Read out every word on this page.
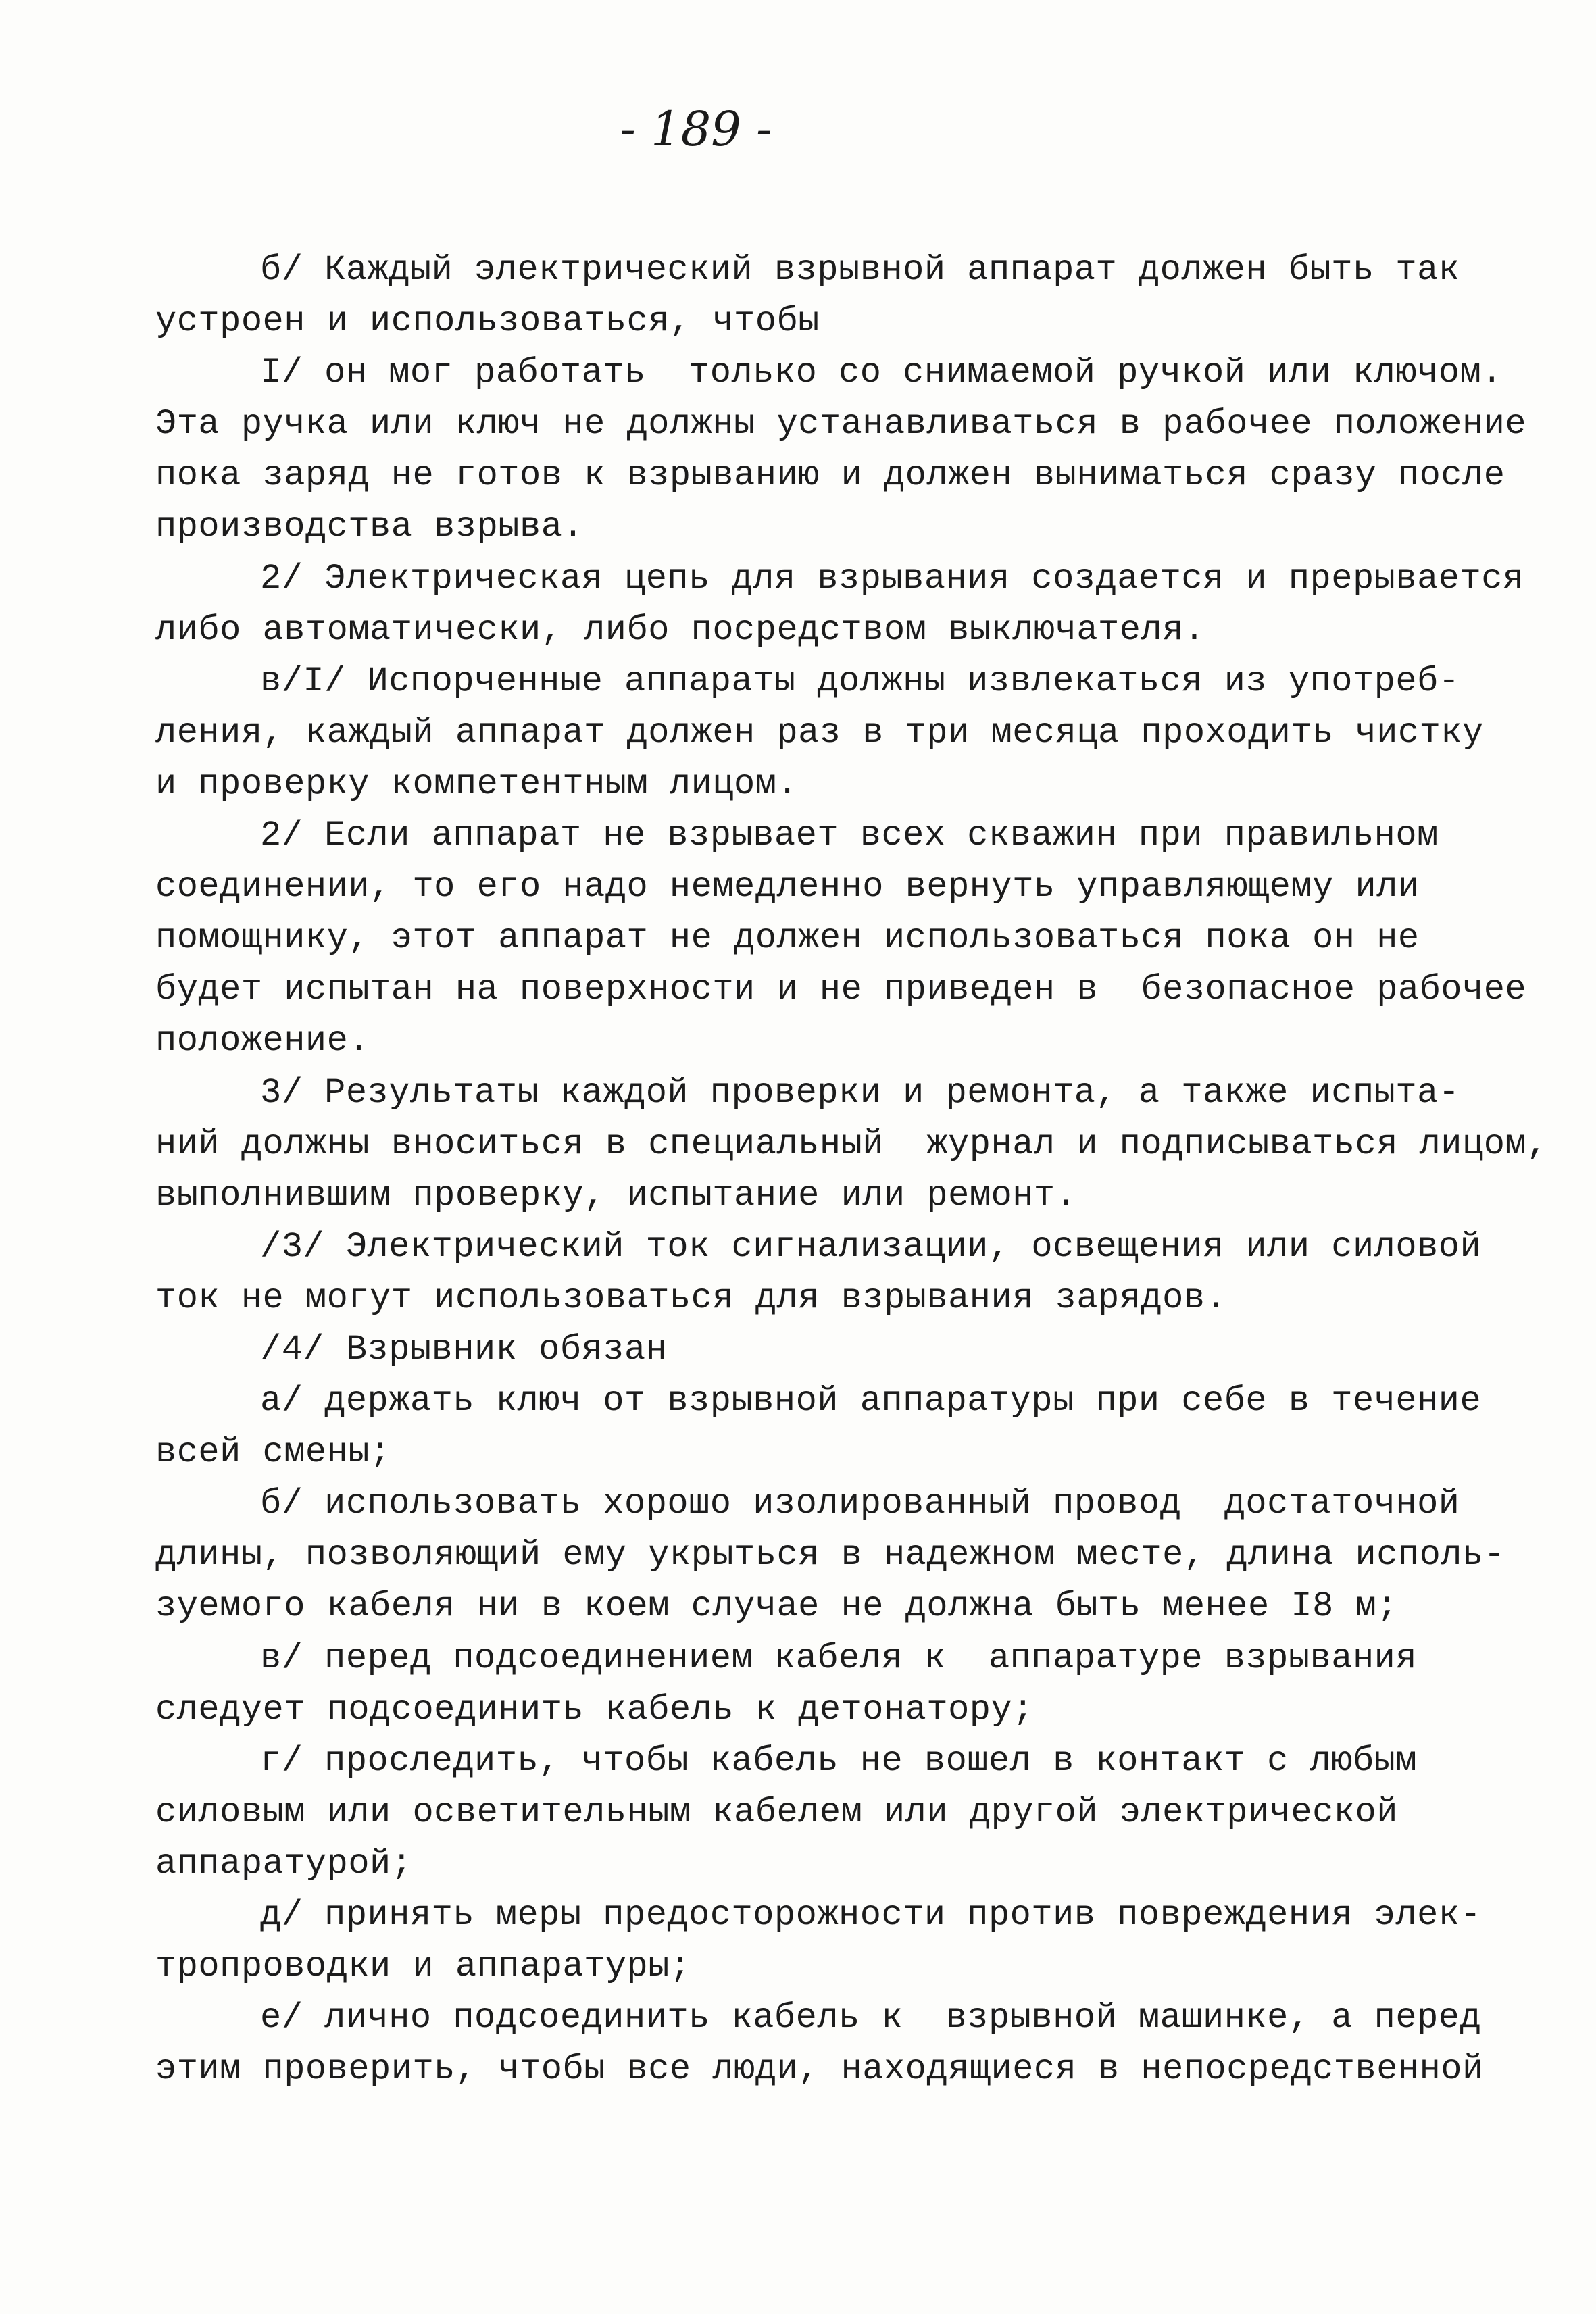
- 189 -
б/ Каждый электрический взрывной аппарат должен быть так
устроен и использоваться, чтобы
I/ он мог работать  только со снимаемой ручкой или ключом.
Эта ручка или ключ не должны устанавливаться в рабочее положение
пока заряд не готов к взрыванию и должен выниматься сразу после
производства взрыва.
2/ Электрическая цепь для взрывания создается и прерывается
либо автоматически, либо посредством выключателя.
в/I/ Испорченные аппараты должны извлекаться из употреб-
ления, каждый аппарат должен раз в три месяца проходить чистку
и проверку компетентным лицом.
2/ Если аппарат не взрывает всех скважин при правильном
соединении, то его надо немедленно вернуть управляющему или
помощнику, этот аппарат не должен использоваться пока он не
будет испытан на поверхности и не приведен в  безопасное рабочее
положение.
3/ Результаты каждой проверки и ремонта, а также испыта-
ний должны вноситься в специальный  журнал и подписываться лицом,
выполнившим проверку, испытание или ремонт.
/3/ Электрический ток сигнализации, освещения или силовой
ток не могут использоваться для взрывания зарядов.
/4/ Взрывник обязан
а/ держать ключ от взрывной аппаратуры при себе в течение
всей смены;
б/ использовать хорошо изолированный провод  достаточной
длины, позволяющий ему укрыться в надежном месте, длина исполь-
зуемого кабеля ни в коем случае не должна быть менее I8 м;
в/ перед подсоединением кабеля к  аппаратуре взрывания
следует подсоединить кабель к детонатору;
г/ проследить, чтобы кабель не вошел в контакт с любым
силовым или осветительным кабелем или другой электрической
аппаратурой;
д/ принять меры предосторожности против повреждения элек-
тропроводки и аппаратуры;
е/ лично подсоединить кабель к  взрывной машинке, а перед
этим проверить, чтобы все люди, находящиеся в непосредственной
